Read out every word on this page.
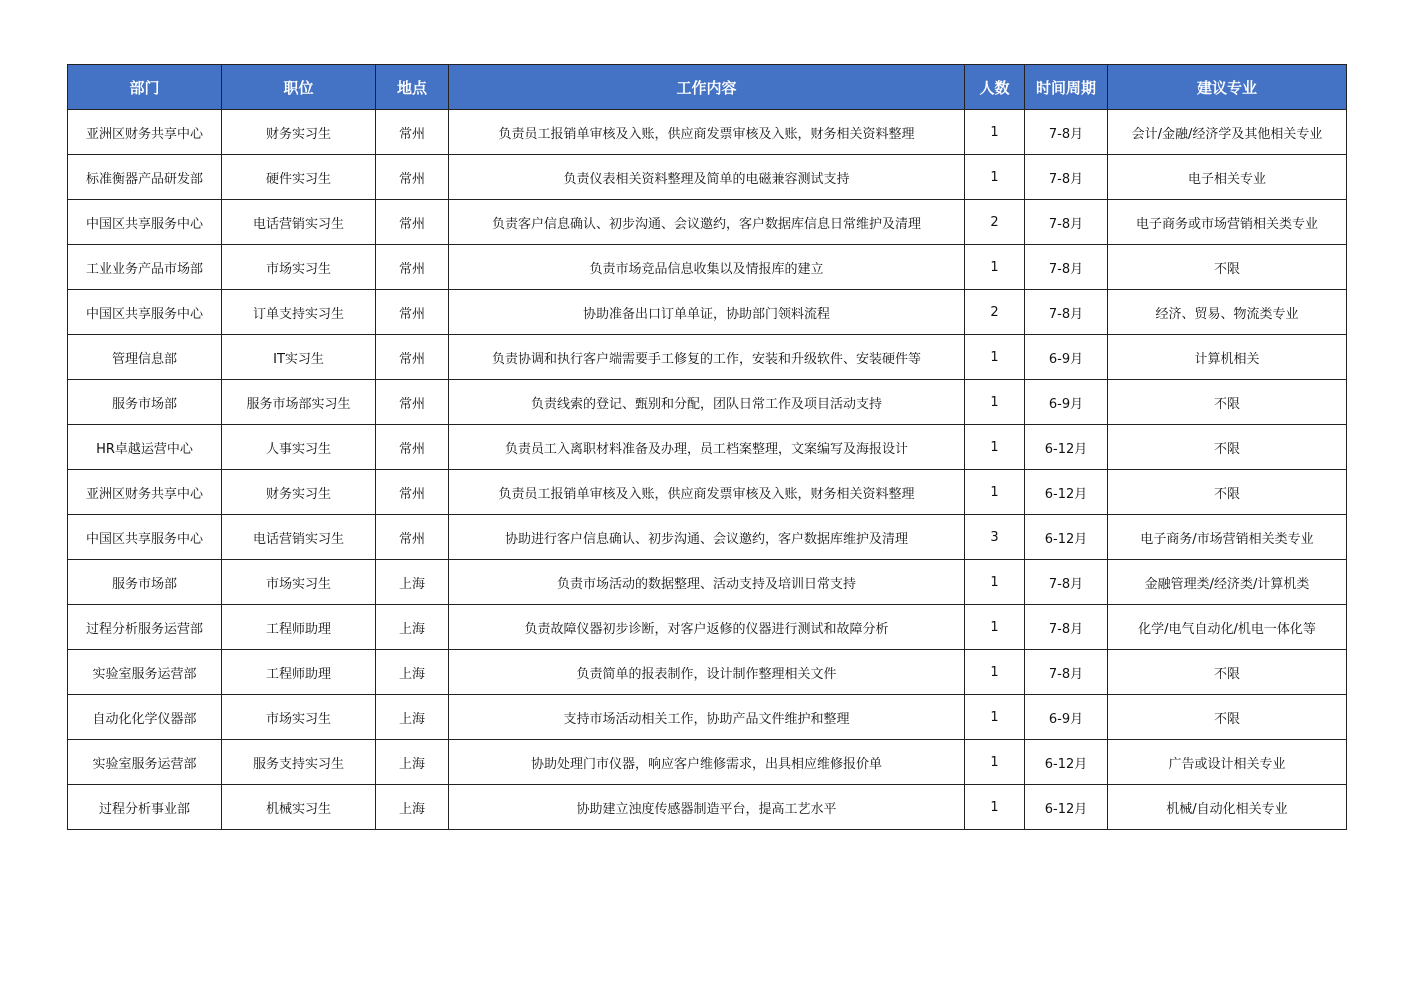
部门	职位	地点	工作内容	人数	时间周期	建议专业
亚洲区财务共享中心	财务实习生	常州	负责员工报销单审核及入账，供应商发票审核及入账，财务相关资料整理	1	7-8月	会计/金融/经济学及其他相关专业
标准衡器产品研发部	硬件实习生	常州	负责仪表相关资料整理及简单的电磁兼容测试支持	1	7-8月	电子相关专业
中国区共享服务中心	电话营销实习生	常州	负责客户信息确认、初步沟通、会议邀约，客户数据库信息日常维护及清理	2	7-8月	电子商务或市场营销相关类专业
工业业务产品市场部	市场实习生	常州	负责市场竞品信息收集以及情报库的建立	1	7-8月	不限
中国区共享服务中心	订单支持实习生	常州	协助准备出口订单单证，协助部门领料流程	2	7-8月	经济、贸易、物流类专业
管理信息部	IT实习生	常州	负责协调和执行客户端需要手工修复的工作，安装和升级软件、安装硬件等	1	6-9月	计算机相关
服务市场部	服务市场部实习生	常州	负责线索的登记、甄别和分配，团队日常工作及项目活动支持	1	6-9月	不限
HR卓越运营中心	人事实习生	常州	负责员工入离职材料准备及办理，员工档案整理，文案编写及海报设计	1	6-12月	不限
亚洲区财务共享中心	财务实习生	常州	负责员工报销单审核及入账，供应商发票审核及入账，财务相关资料整理	1	6-12月	不限
中国区共享服务中心	电话营销实习生	常州	协助进行客户信息确认、初步沟通、会议邀约，客户数据库维护及清理	3	6-12月	电子商务/市场营销相关类专业
服务市场部	市场实习生	上海	负责市场活动的数据整理、活动支持及培训日常支持	1	7-8月	金融管理类/经济类/计算机类
过程分析服务运营部	工程师助理	上海	负责故障仪器初步诊断，对客户返修的仪器进行测试和故障分析	1	7-8月	化学/电气自动化/机电一体化等
实验室服务运营部	工程师助理	上海	负责简单的报表制作，设计制作整理相关文件	1	7-8月	不限
自动化化学仪器部	市场实习生	上海	支持市场活动相关工作，协助产品文件维护和整理	1	6-9月	不限
实验室服务运营部	服务支持实习生	上海	协助处理门市仪器，响应客户维修需求，出具相应维修报价单	1	6-12月	广告或设计相关专业
过程分析事业部	机械实习生	上海	协助建立浊度传感器制造平台，提高工艺水平	1	6-12月	机械/自动化相关专业
